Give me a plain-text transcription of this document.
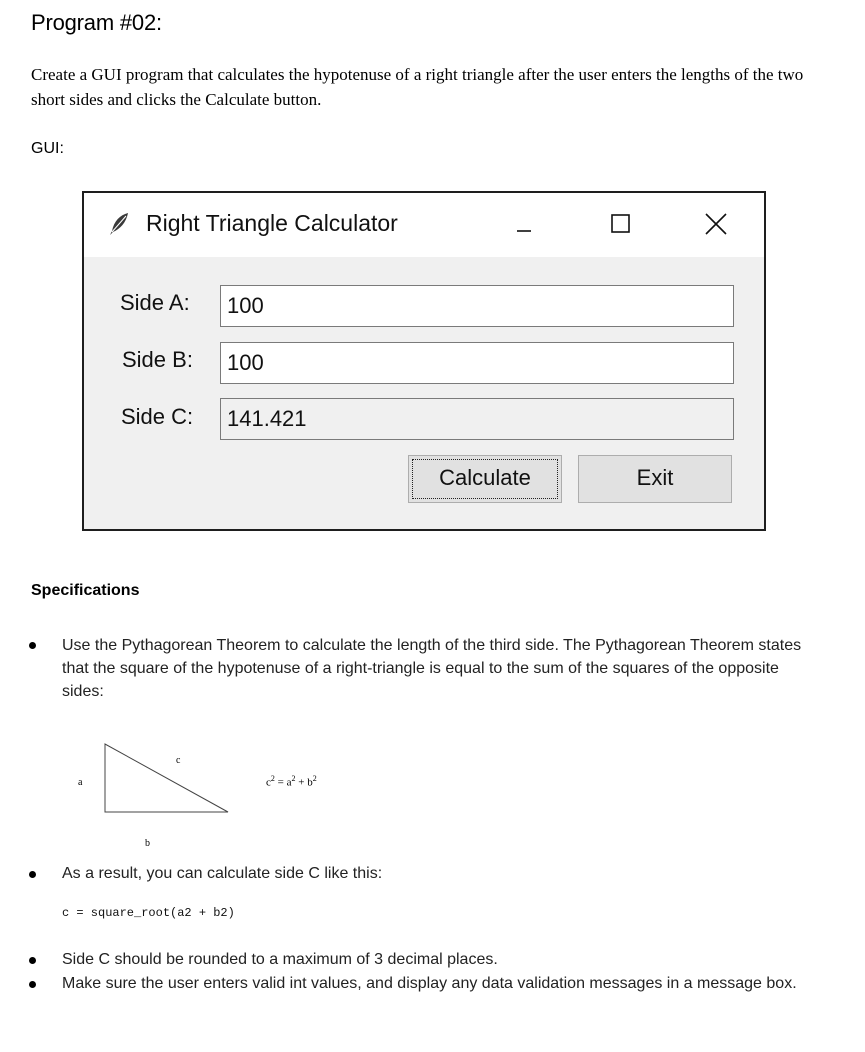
Program #02:
Create a GUI program that calculates the hypotenuse of a right triangle after the user enters the lengths of the two short sides and clicks the Calculate button.
GUI:
Right Triangle Calculator
Side A:	100
Side B:	100
Side C:	141.421
Calculate	Exit
Specifications
Use the Pythagorean Theorem to calculate the length of the third side. The Pythagorean Theorem states that the square of the hypotenuse of a right-triangle is equal to the sum of the squares of the opposite sides:
a
c
b
$c^2 = a^2 + b^2$
As a result, you can calculate side C like this:
c = square_root(a2 + b2)
Side C should be rounded to a maximum of 3 decimal places.
Make sure the user enters valid int values, and display any data validation messages in a message box.
